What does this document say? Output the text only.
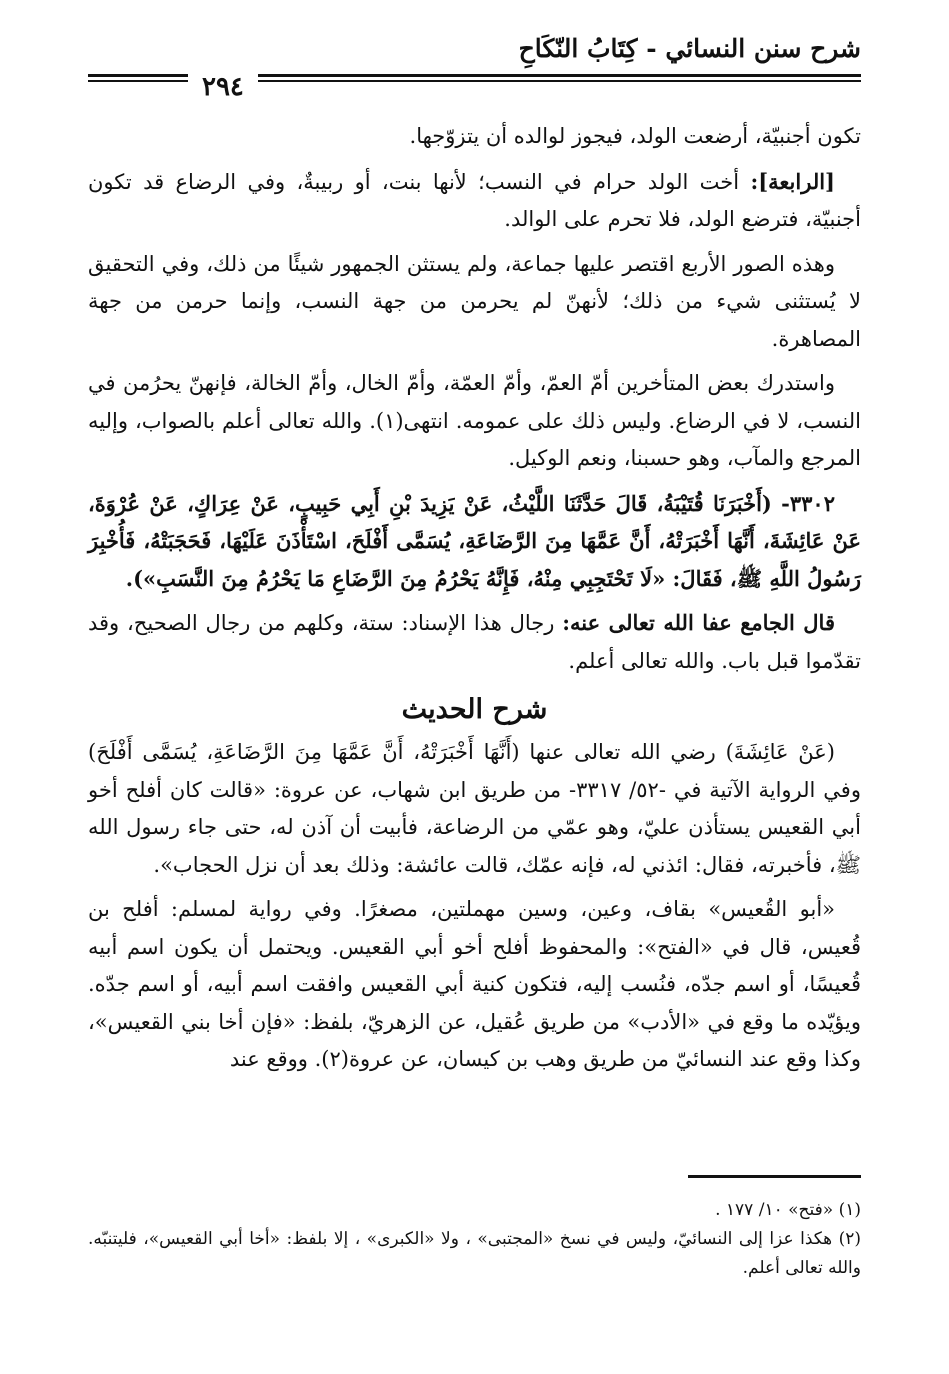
شرح سنن النسائي - كِتَابُ النّكَاحِ
٢٩٤

تكون أجنبيّة، أرضعت الولد، فيجوز لوالده أن يتزوّجها.

[الرابعة]: أخت الولد حرام في النسب؛ لأنها بنت، أو ربيبةٌ، وفي الرضاع قد تكون أجنبيّة، فترضع الولد، فلا تحرم على الوالد.

وهذه الصور الأربع اقتصر عليها جماعة، ولم يستثن الجمهور شيئًا من ذلك، وفي التحقيق لا يُستثنى شيء من ذلك؛ لأنهنّ لم يحرمن من جهة النسب، وإنما حرمن من جهة المصاهرة.

واستدرك بعض المتأخرين أمّ العمّ، وأمّ العمّة، وأمّ الخال، وأمّ الخالة، فإنهنّ يحرُمن في النسب، لا في الرضاع. وليس ذلك على عمومه. انتهى(١). والله تعالى أعلم بالصواب، وإليه المرجع والمآب، وهو حسبنا، ونعم الوكيل.

٣٣٠٢- (أَخْبَرَنَا قُتَيْبَةُ، قَالَ حَدَّثَنَا اللَّيْثُ، عَنْ يَزِيدَ بْنِ أَبِي حَبِيبٍ، عَنْ عِرَاكٍ، عَنْ عُرْوَةَ، عَنْ عَائِشَةَ، أَنَّهَا أَخْبَرَتْهُ، أَنَّ عَمَّهَا مِنَ الرَّضَاعَةِ، يُسَمَّى أَفْلَحَ، اسْتَأْذَنَ عَلَيْهَا، فَحَجَبَتْهُ، فَأُخْبِرَ رَسُولُ اللَّهِ ﷺ، فَقَالَ: «لَا تَحْتَجِبِي مِنْهُ، فَإِنَّهُ يَحْرُمُ مِنَ الرَّضَاعِ مَا يَحْرُمُ مِنَ النَّسَبِ»).

قال الجامع عفا الله تعالى عنه: رجال هذا الإسناد: ستة، وكلهم من رجال الصحيح، وقد تقدّموا قبل باب. والله تعالى أعلم.

شرح الحديث

(عَنْ عَائِشَةَ) رضي الله تعالى عنها (أَنَّهَا أَخْبَرَتْهُ، أَنَّ عَمَّهَا مِنَ الرَّضَاعَةِ، يُسَمَّى أَفْلَحَ) وفي الرواية الآتية في -٥٢/ ٣٣١٧- من طريق ابن شهاب، عن عروة: «قالت كان أفلح أخو أبي القعيس يستأذن عليّ، وهو عمّي من الرضاعة، فأبيت أن آذن له، حتى جاء رسول الله ﷺ، فأخبرته، فقال: ائذني له، فإنه عمّك، قالت عائشة: وذلك بعد أن نزل الحجاب».

«أبو القُعيس» بقاف، وعين، وسين مهملتين، مصغرًا. وفي رواية لمسلم: أفلح بن قُعيس، قال في «الفتح»: والمحفوظ أفلح أخو أبي القعيس. ويحتمل أن يكون اسم أبيه قُعيسًا، أو اسم جدّه، فنُسب إليه، فتكون كنية أبي القعيس وافقت اسم أبيه، أو اسم جدّه. ويؤيّده ما وقع في «الأدب» من طريق عُقيل، عن الزهريّ، بلفظ: «فإن أخا بني القعيس»، وكذا وقع عند النسائيّ من طريق وهب بن كيسان، عن عروة(٢). ووقع عند

(١) «فتح» ١٠/ ١٧٧ .

(٢) هكذا عزا إلى النسائيّ، وليس في نسخ «المجتبى» ، ولا «الكبرى» ، إلا بلفظ: «أخا أبي القعيس»، فليتنبّه. والله تعالى أعلم.
